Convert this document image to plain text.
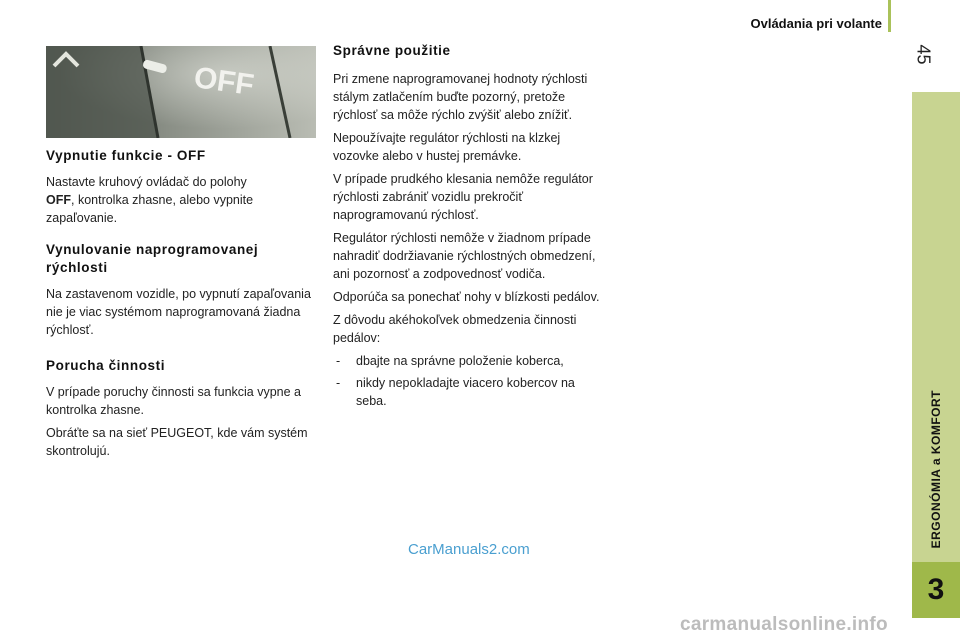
Ovládania pri volante
45
ERGONÓMIA a KOMFORT
3
OFF
Vypnutie funkcie - OFF

Nastavte kruhový ovládač do polohy
OFF, kontrolka zhasne, alebo vypnite zapaľovanie.

Vynulovanie naprogramovanej rýchlosti

Na zastavenom vozidle, po vypnutí zapaľovania nie je viac systémom naprogramovaná žiadna rýchlosť.

Porucha činnosti

V prípade poruchy činnosti sa funkcia vypne a kontrolka zhasne.

Obráťte sa na sieť PEUGEOT, kde vám systém skontrolujú.

Správne použitie

Pri zmene naprogramovanej hodnoty rýchlosti stálym zatlačením buďte pozorný, pretože rýchlosť sa môže rýchlo zvýšiť alebo znížiť.

Nepoužívajte regulátor rýchlosti na klzkej vozovke alebo v hustej premávke.

V prípade prudkého klesania nemôže regulátor rýchlosti zabrániť vozidlu prekročiť naprogramovanú rýchlosť.

Regulátor rýchlosti nemôže v žiadnom prípade nahradiť dodržiavanie rýchlostných obmedzení, ani pozornosť a zodpovednosť vodiča.

Odporúča sa ponechať nohy v blízkosti pedálov.

Z dôvodu akéhokoľvek obmedzenia činnosti pedálov:

- dbajte na správne položenie koberca,
- nikdy nepokladajte viacero kobercov na seba.
CarManuals2.com
carmanualsonline.info
